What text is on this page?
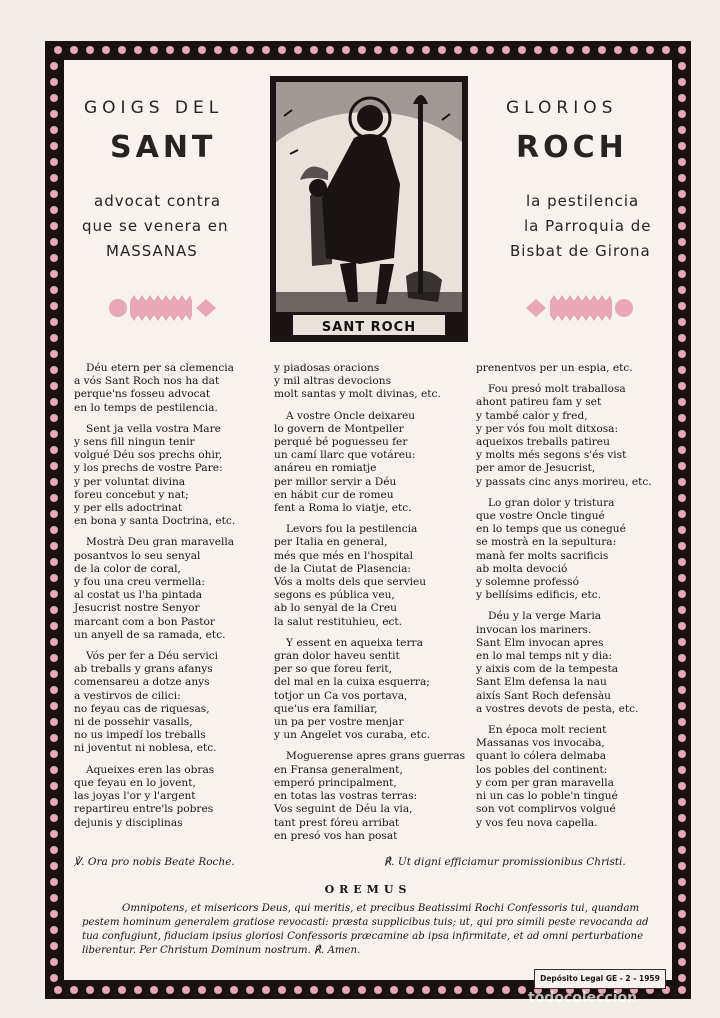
GOIGS DEL	GLORIOS
SANT	ROCH
advocat contra
que se venera en
MASSANAS
la pestilencia
la Parroquia de
Bisbat de Girona
SANT ROCH

Déu etern per sa clemencia
a vós Sant Roch nos ha dat
perque'ns fosseu advocat
en lo temps de pestilencia.

Sent ja vella vostra Mare
y sens fill ningun tenir
volgué Déu sos prechs ohir,
y los prechs de vostre Pare:
y per voluntat divina
foreu concebut y nat;
y per ells adoctrinat
en bona y santa Doctrina, etc.

Mostrà Deu gran maravella
posantvos lo seu senyal
de la color de coral,
y fou una creu vermella:
al costat us l'ha pintada
Jesucrist nostre Senyor
marcant com a bon Pastor
un anyell de sa ramada, etc.

Vós per fer a Déu servici
ab treballs y grans afanys
comensareu a dotze anys
a vestirvos de cilici:
no feyau cas de riquesas,
ni de possehir vasalls,
no us impedí los treballs
ni joventut ni noblesa, etc.

Aqueixes eren las obras
que feyau en lo jovent,
las joyas l'or y l'argent
repartireu entre'ls pobres
dejunis y disciplinas

y piadosas oracions
y mil altras devocions
molt santas y molt divinas, etc.

A vostre Oncle deixareu
lo govern de Montpeller
perqué bé poguesseu fer
un camí llarc que votáreu:
anáreu en romiatje
per millor servir a Déu
en hábit cur de romeu
fent a Roma lo viatje, etc.

Levors fou la pestilencia
per Italia en general,
més que més en l'hospital
de la Ciutat de Plasencia:
Vós a molts dels que servieu
segons es pública veu,
ab lo senyal de la Creu
la salut restituhieu, ect.

Y essent en aqueixa terra
gran dolor haveu sentit
per so que foreu ferit,
del mal en la cuixa esquerra;
totjor un Ca vos portava,
que'us era familiar,
un pa per vostre menjar
y un Angelet vos curaba, etc.

Moguerense apres grans guerras
en Fransa generalment,
emperó principalment,
en totas las vostras terras:
Vos seguint de Déu la via,
tant prest fóreu arribat
en presó vos han posat

prenentvos per un espia, etc.

Fou presó molt traballosa
ahont patireu fam y set
y també calor y fred,
y per vós fou molt ditxosa:
aqueixos treballs patireu
y molts més segons s'és vist
per amor de Jesucrist,
y passats cinc anys morireu, etc.

Lo gran dolor y tristura
que vostre Oncle tingué
en lo temps que us conegué
se mostrà en la sepultura:
manà fer molts sacrificis
ab molta devoció
y solemne professó
y bellísims edificis, etc.

Déu y la verge Maria
invocan los mariners.
Sant Elm invocan apres
en lo mal temps nit y dia:
y aixis com de la tempesta
Sant Elm defensa la nau
aixís Sant Roch defensàu
a vostres devots de pesta, etc.

En época molt recient
Massanas vos invocaba,
quant lo cólera delmaba
los pobles del continent:
y com per gran maravella
ni un cas lo poble'n tingué
son vot complirvos volgué
y vos feu nova capella.

℣. Ora pro nobis Beate Roche.	℟. Ut digni efficiamur promissionibus Christi.
OREMUS
Omnipotens, et misericors Deus, qui meritis, et precibus Beatissimi Rochi Confessoris tui, quandam pestem hominum generalem gratiose revocasti: præsta supplicibus tuis; ut, qui pro simili peste revocanda ad tua confugiunt, fiduciam ipsius gloriosi Confessoris præcamine ab ipsa infirmitate, et ad omni perturbatione liberentur. Per Christum Dominum nostrum. ℟. Amen.
Depósito Legal GE - 2 - 1959
todocoleccion
